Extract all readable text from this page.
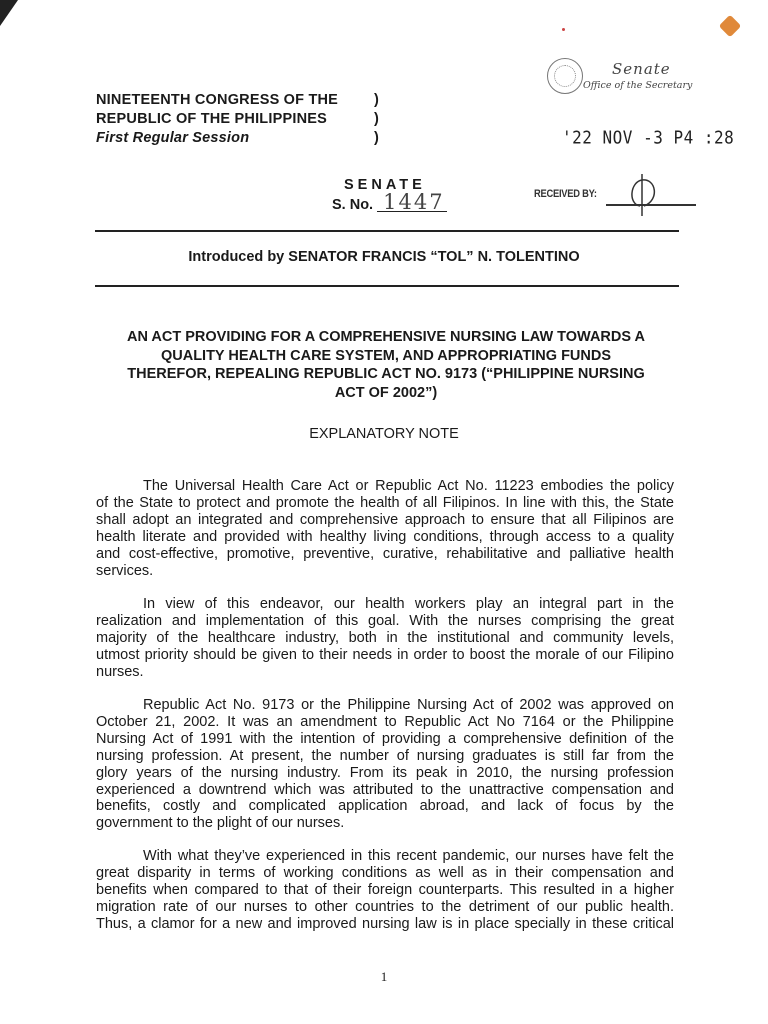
NINETEENTH CONGRESS OF THE
REPUBLIC OF THE PHILIPPINES
First Regular Session
)
)
)
Senate
Office of the Secretary
'22 NOV -3 P4 :28
SENATE
S. No. 1447	RECEIVED BY:
Introduced by SENATOR FRANCIS “TOL” N. TOLENTINO
AN ACT PROVIDING FOR A COMPREHENSIVE NURSING LAW TOWARDS A
QUALITY HEALTH CARE SYSTEM, AND APPROPRIATING FUNDS
THEREFOR, REPEALING REPUBLIC ACT NO. 9173 (“PHILIPPINE NURSING
ACT OF 2002”)
EXPLANATORY NOTE
The Universal Health Care Act or Republic Act No. 11223 embodies the policy
of the State to protect and promote the health of all Filipinos. In line with this, the State
shall adopt an integrated and comprehensive approach to ensure that all Filipinos are
health literate and provided with healthy living conditions, through access to a quality
and cost-effective, promotive, preventive, curative, rehabilitative and palliative health
services.
In view of this endeavor, our health workers play an integral part in the
realization and implementation of this goal. With the nurses comprising the great
majority of the healthcare industry, both in the institutional and community levels,
utmost priority should be given to their needs in order to boost the morale of our Filipino
nurses.
Republic Act No. 9173 or the Philippine Nursing Act of 2002 was approved on
October 21, 2002. It was an amendment to Republic Act No 7164 or the Philippine
Nursing Act of 1991 with the intention of providing a comprehensive definition of the
nursing profession. At present, the number of nursing graduates is still far from the
glory years of the nursing industry. From its peak in 2010, the nursing profession
experienced a downtrend which was attributed to the unattractive compensation and
benefits, costly and complicated application abroad, and lack of focus by the
government to the plight of our nurses.
With what they’ve experienced in this recent pandemic, our nurses have felt the
great disparity in terms of working conditions as well as in their compensation and
benefits when compared to that of their foreign counterparts. This resulted in a higher
migration rate of our nurses to other countries to the detriment of our public health.
Thus, a clamor for a new and improved nursing law is in place specially in these critical
1
